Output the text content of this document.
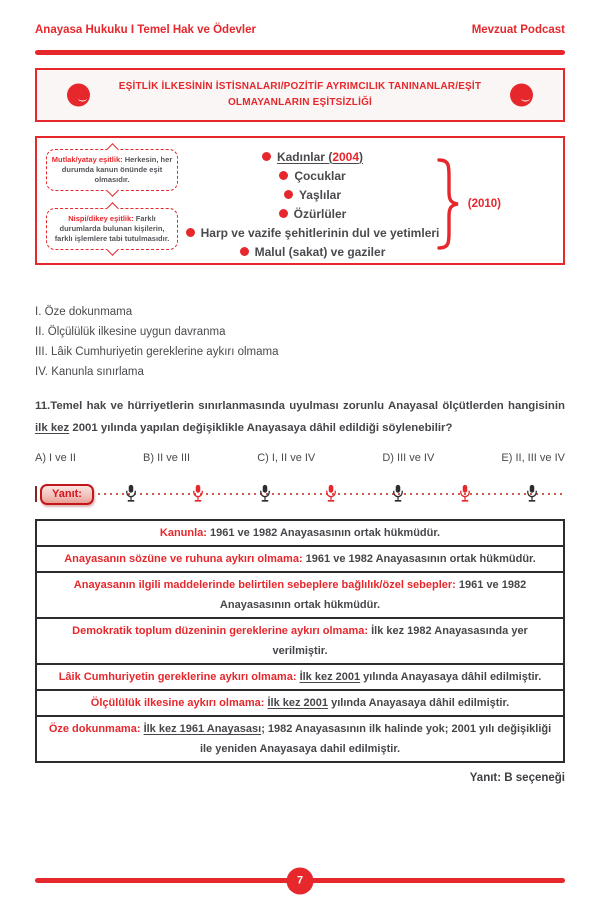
Anayasa Hukuku I Temel Hak ve Ödevler	Mevzuat Podcast
EŞİTLİK İLKESİNİN İSTİSNALARI/POZİTİF AYRIMCILIK TANINANLAR/EŞİT OLMAYANLARIN EŞİTSİZLİĞİ
Mutlak/yatay eşitlik: Herkesin, her durumda kanun önünde eşit olmasıdır.
Nispi/dikey eşitlik: Farklı durumlarda bulunan kişilerin, farklı işlemlere tabi tutulmasıdır.
Kadınlar (2004)
Çocuklar
Yaşlılar
Özürlüler
Harp ve vazife şehitlerinin dul ve yetimleri
Malul (sakat) ve gaziler
(2010)
I. Öze dokunmama
II. Ölçülülük ilkesine uygun davranma
III. Lâik Cumhuriyetin gereklerine aykırı olmama
IV. Kanunla sınırlama
11.Temel hak ve hürriyetlerin sınırlanmasında uyulması zorunlu Anayasal ölçütlerden hangisinin ilk kez 2001 yılında yapılan değişiklikle Anayasaya dâhil edildiği söylenebilir?
A) I ve II	B) II ve III	C) I, II ve IV	D) III ve IV	E) II, III ve IV
Yanıt:
Kanunla: 1961 ve 1982 Anayasasının ortak hükmüdür.
Anayasanın sözüne ve ruhuna aykırı olmama: 1961 ve 1982 Anayasasının ortak hükmüdür.
Anayasanın ilgili maddelerinde belirtilen sebeplere bağlılık/özel sebepler: 1961 ve 1982 Anayasasının ortak hükmüdür.
Demokratik toplum düzeninin gereklerine aykırı olmama: İlk kez 1982 Anayasasında yer verilmiştir.
Lâik Cumhuriyetin gereklerine aykırı olmama: İlk kez 2001 yılında Anayasaya dâhil edilmiştir.
Ölçülülük ilkesine aykırı olmama: İlk kez 2001 yılında Anayasaya dâhil edilmiştir.
Öze dokunmama: İlk kez 1961 Anayasası; 1982 Anayasasının ilk halinde yok; 2001 yılı değişikliği ile yeniden Anayasaya dahil edilmiştir.
Yanıt: B seçeneği
7
